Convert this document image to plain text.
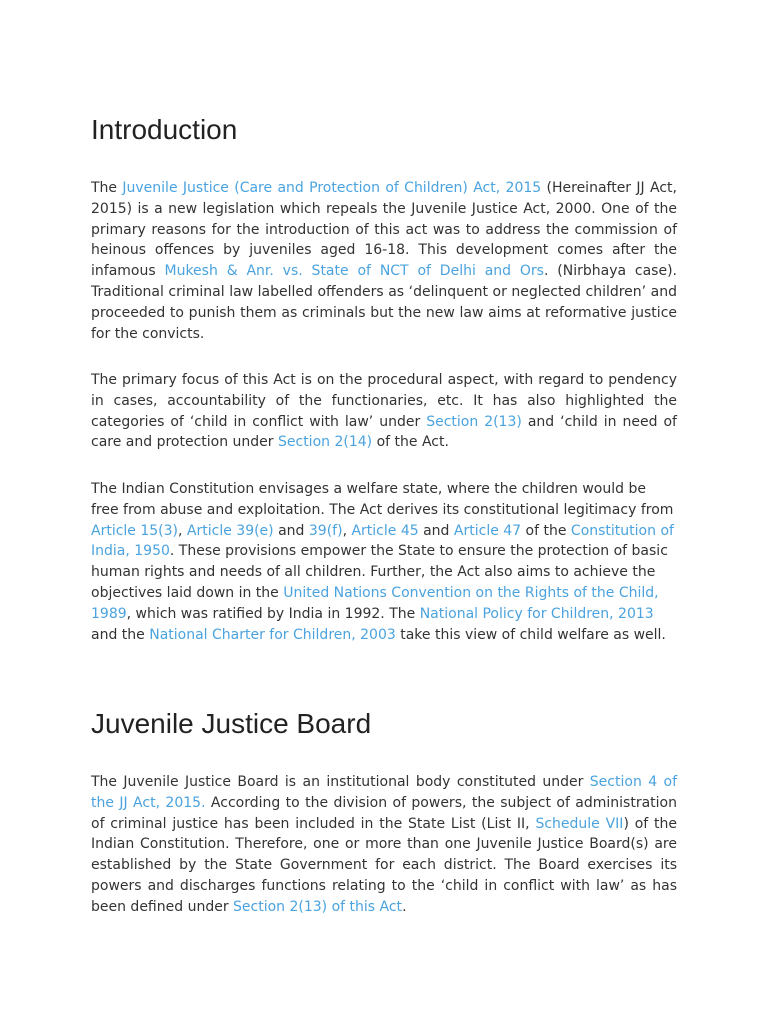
Introduction

The Juvenile Justice (Care and Protection of Children) Act, 2015 (Hereinafter JJ Act, 2015) is a new legislation which repeals the Juvenile Justice Act, 2000. One of the primary reasons for the introduction of this act was to address the commission of heinous offences by juveniles aged 16-18. This development comes after the infamous Mukesh & Anr. vs. State of NCT of Delhi and Ors. (Nirbhaya case). Traditional criminal law labelled offenders as ‘delinquent or neglected children’ and proceeded to punish them as criminals but the new law aims at reformative justice for the convicts.

The primary focus of this Act is on the procedural aspect, with regard to pendency in cases, accountability of the functionaries, etc. It has also highlighted the categories of ‘child in conflict with law’ under Section 2(13) and ‘child in need of care and protection under Section 2(14) of the Act.

The Indian Constitution envisages a welfare state, where the children would be free from abuse and exploitation. The Act derives its constitutional legitimacy from Article 15(3), Article 39(e) and 39(f), Article 45 and Article 47 of the Constitution of India, 1950. These provisions empower the State to ensure the protection of basic human rights and needs of all children. Further, the Act also aims to achieve the objectives laid down in the United Nations Convention on the Rights of the Child, 1989, which was ratified by India in 1992. The National Policy for Children, 2013 and the National Charter for Children, 2003 take this view of child welfare as well.

Juvenile Justice Board

The Juvenile Justice Board is an institutional body constituted under Section 4 of the JJ Act, 2015. According to the division of powers, the subject of administration of criminal justice has been included in the State List (List II, Schedule VII) of the Indian Constitution. Therefore, one or more than one Juvenile Justice Board(s) are established by the State Government for each district. The Board exercises its powers and discharges functions relating to the ‘child in conflict with law’ as has been defined under Section 2(13) of this Act.
